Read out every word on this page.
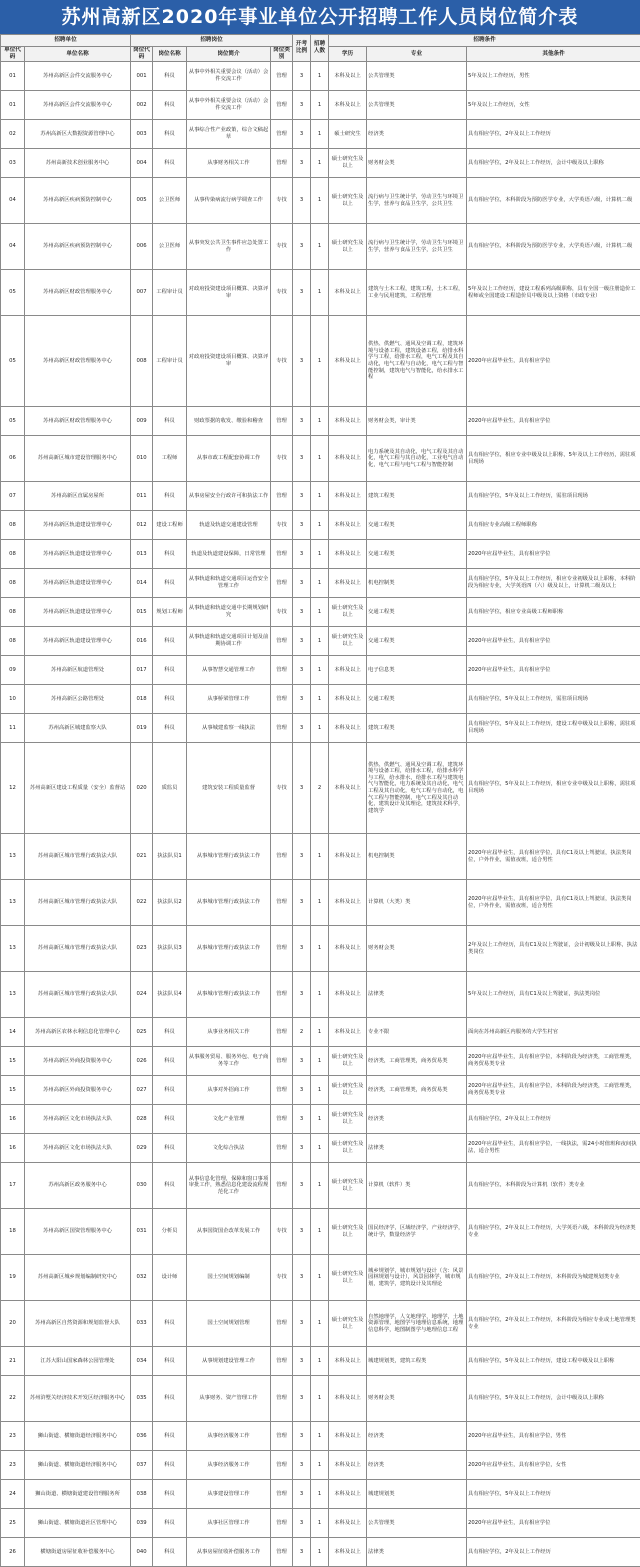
苏州高新区2020年事业单位公开招聘工作人员岗位简介表
招聘单位		招聘岗位				开考比例	招聘人数	招聘条件		
单位代码	单位名称	岗位代码	岗位名称	岗位简介	岗位类别			学历	专业	其他条件
01	苏州高新区会件交流服务中心	001	科员	从事中外相关重要会议（活动）会件交流工作	管理	3	1	本科及以上	公共管理类	5年及以上工作经历，男性
01	苏州高新区会件交流服务中心	002	科员	从事中外相关重要会议（活动）会件交流工作	管理	3	1	本科及以上	公共管理类	5年及以上工作经历，女性
02	苏州高新区大数据资源管理中心	003	科员	从事综合性产业政策，综合文稿起草	管理	3	1	硕士研究生	经济类	具有相应学位，2年及以上工作经历
03	苏州高新技术创业服务中心	004	科员	从事财务相关工作	管理	3	1	硕士研究生及以上	财务财会类	具有相应学位，2年及以上工作经历，会计中级及以上职称
04	苏州高新区疾病预防控制中心	005	公卫医师	从事传染病流行病学调查工作	专技	3	1	硕士研究生及以上	流行病与卫生统计学，劳动卫生与环境卫生学，营养与食品卫生学，公共卫生	具有相应学位，本科阶段为预防医学专业，大学英语六级，计算机二级
04	苏州高新区疾病预防控制中心	006	公卫医师	从事突发公共卫生事件应急处置工作	专技	3	1	硕士研究生及以上	流行病与卫生统计学，劳动卫生与环境卫生学，营养与食品卫生学，公共卫生	具有相应学位，本科阶段为预防医学专业，大学英语六级，计算机二级
05	苏州高新区财政管理服务中心	007	工程审计员	对政府投资建设项目概算、决算评审	专技	3	1	本科及以上	建筑与土木工程，建筑工程，土木工程，工业与民用建筑，工程管理	5年及以上工作经历，建设工程系列高级职称，具有全国一级注册造价工程师或全国建设工程造价员中级及以上资格（市政专业）
05	苏州高新区财政管理服务中心	008	工程审计员	对政府投资建设项目概算、决算评审	专技	3	1	本科及以上	供热、供燃气、通风及空调工程，建筑环境与设备工程，建筑设备工程，给排水科学与工程，给排水工程，电气工程及其自动化，电气工程与自动化，电气工程与智能控制，建筑电气与智能化，给水排水工程	2020年应届毕业生，具有相应学位
05	苏州高新区财政管理服务中心	009	科员	财政票据的收发、缴验和稽查	管理	3	1	本科及以上	财务财会类，审计类	2020年应届毕业生，具有相应学位
06	苏州高新区城市建设管理服务中心	010	工程师	从事市政工程配套协调工作	专技	3	1	本科及以上	电力系统及其自动化，电气工程及其自动化，电气工程与其自动化，工业电气自动化，电气工程与电气工程与智能控制	具有相应学位，相应专业中级及以上职称，5年及以上工作经历，需驻项目现场
07	苏州高新区直属房屋所	011	科员	从事房屋安全行政许可和执法工作	管理	3	1	本科及以上	建筑工程类	具有相应学位，5年及以上工作经历，需驻项目现场
08	苏州高新区轨道建设管理中心	012	建设工程师	轨道及轨道交通建设管理	专技	3	1	本科及以上	交通工程类	具有相应专业高级工程师职称
08	苏州高新区轨道建设管理中心	013	科员	轨道及轨道建设保障，日常管理	管理	3	1	本科及以上	交通工程类	2020年应届毕业生，具有相应学位
08	苏州高新区轨道建设管理中心	014	科员	从事轨道和轨道交通项目运营安全管理工作	管理	3	1	本科及以上	机电控制类	具有相应学位，5年及以上工作经历，相应专业初级及以上职称，本科阶段为相应专业，大学英语四（六）级及以上，计算机二级及以上
08	苏州高新区轨道建设管理中心	015	规划工程师	从事轨道和轨道交通中长期规划研究	专技	3	1	硕士研究生及以上	交通工程类	具有相应学位，相应专业高级工程师职称
08	苏州高新区轨道建设管理中心	016	科员	从事轨道和轨道交通项目计划及前期协调工作	管理	3	1	硕士研究生及以上	交通工程类	2020年应届毕业生，具有相应学位
09	苏州高新区航道管理处	017	科员	从事智慧交通管理工作	管理	3	1	本科及以上	电子信息类	2020年应届毕业生，具有相应学位
10	苏州高新区公路管理处	018	科员	从事桥梁管理工作	管理	3	1	本科及以上	交通工程类	具有相应学位，5年及以上工作经历，需驻项目现场
11	苏州高新区城建监察大队	019	科员	从事城建监察一线执法	管理	3	1	本科及以上	建筑工程类	具有相应学位，5年及以上工作经历，建设工程中级及以上职称，需驻项目现场
12	苏州高新区建设工程质量（安全）监督站	020	质监员	建筑安装工程质量监督	专技	3	2	本科及以上	供热、供燃气、通风及空调工程，建筑环境与设备工程，给排水工程，给排水科学与工程，给水排水，给排水工程与建筑电气与智能化，电力系统及其自动化，电气工程及其自动化，电气工程与自动化，电气工程与智能控制，电气工程及其自动化，建筑设计及其理论，建筑技术科学，建筑学	具有相应学位，5年及以上工作经历，相应专业中级及以上职称，需驻项目现场
13	苏州高新区城市管理行政执法大队	021	执法队员1	从事城市管理行政执法工作	管理	3	1	本科及以上	机电控制类	2020年应届毕业生，具有相应学位，具有C1及以上驾驶证，执法类岗位，户外作业，需值夜班，适合男性
13	苏州高新区城市管理行政执法大队	022	执法队员2	从事城市管理行政执法工作	管理	3	1	本科及以上	计算机（大类）类	2020年应届毕业生，具有相应学位，具有C1及以上驾驶证，执法类岗位，户外作业，需值夜班，适合男性
13	苏州高新区城市管理行政执法大队	023	执法队员3	从事城市管理行政执法工作	管理	3	1	本科及以上	财务财会类	2年及以上工作经历，具有C1及以上驾驶证，会计初级及以上职称，执法类岗位
13	苏州高新区城市管理行政执法大队	024	执法队员4	从事城市管理行政执法工作	管理	3	1	本科及以上	法律类	5年及以上工作经历，具有C1及以上驾驶证，执法类岗位
14	苏州高新区农林水利信息化管理中心	025	科员	从事业务相关工作	管理	2	1	本科及以上	专业不限	面向在苏州高新区内服务的大学生村官
15	苏州高新区外商投资服务中心	026	科员	从事服务贸易、服务外包、电子商务等工作	管理	3	1	硕士研究生及以上	经济类，工商管理类，商务贸易类	2020年应届毕业生，具有相应学位，本科阶段为经济类，工商管理类，商务贸易类专业
15	苏州高新区外商投资服务中心	027	科员	从事对外招商工作	管理	3	1	硕士研究生及以上	经济类，工商管理类，商务贸易类	2020年应届毕业生，具有相应学位，本科阶段为经济类，工商管理类，商务贸易类专业
16	苏州高新区文化市场执法大队	028	科员	文化产业管理	管理	3	1	硕士研究生及以上	经济类	具有相应学位，2年及以上工作经历
16	苏州高新区文化市场执法大队	029	科员	文化综合执法	管理	3	1	硕士研究生及以上	法律类	2020年应届毕业生，具有相应学位，一线执法，需24小时值班和夜间执法，适合男性
17	苏州高新区政务服务中心	030	科员	从事信息化管理，保障和窗口事项审批工作，熟悉信息化建设流程规范化工作	管理	3	1	硕士研究生及以上	计算机（软件）类	具有相应学位，本科阶段为计算机（软件）类专业
18	苏州高新区国资管理服务中心	031	分析员	从事国资国企改革发展工作	专技	3	1	硕士研究生及以上	国民经济学，区域经济学，产业经济学，统计学，数量经济学	具有相应学位，2年及以上工作经历，大学英语六级，本科阶段为经济类专业
19	苏州高新区城乡规划编制研究中心	032	设计师	国土空间规划编制	专技	3	1	硕士研究生及以上	城乡规划学，城市规划与设计（含：风景园林规划与设计），风景园林学，城市规划，建筑学，建筑设计及其理论	具有相应学位，2年及以上工作经历，本科阶段为城建规划类专业
20	苏州高新区自然资源和规划监督大队	033	科员	国土空间规划管理	管理	3	1	硕士研究生及以上	自然地理学，人文地理学，地理学，土地资源管理，地图学与地理信息系统，地理信息科学，地图制图学与地理信息工程	具有相应学位，2年及以上工作经历，本科阶段为相应专业或土地管理类专业
21	江苏大阳山国家森林公园管理处	034	科员	从事规划建设管理工作	管理	3	1	本科及以上	城建规划类，建筑工程类	具有相应学位，5年及以上工作经历，建设工程中级及以上职称
22	苏州浒墅关经济技术开发区经济服务中心	035	科员	从事财务、资产管理工作	管理	3	1	本科及以上	财务财会类	具有相应学位，5年及以上工作经历，会计中级及以上职称
23	狮山街道、横塘街道经济服务中心	036	科员	从事经济服务工作	管理	3	1	本科及以上	经济类	2020年应届毕业生，具有相应学位，男性
23	狮山街道、横塘街道经济服务中心	037	科员	从事经济服务工作	管理	3	1	本科及以上	经济类	2020年应届毕业生，具有相应学位，女性
24	狮山街道、横塘街道建设管理服务所	038	科员	从事建设管理工作	管理	3	1	本科及以上	城建规划类	具有相应学位，5年及以上工作经历
25	狮山街道、横塘街道社区管理中心	039	科员	从事社区管理工作	管理	3	1	本科及以上	公共管理类	2020年应届毕业生，具有相应学位
26	横塘街道房屋征收补偿服务中心	040	科员	从事房屋征收补偿服务工作	管理	3	1	本科及以上	法律类	具有相应学位，2年及以上工作经历
